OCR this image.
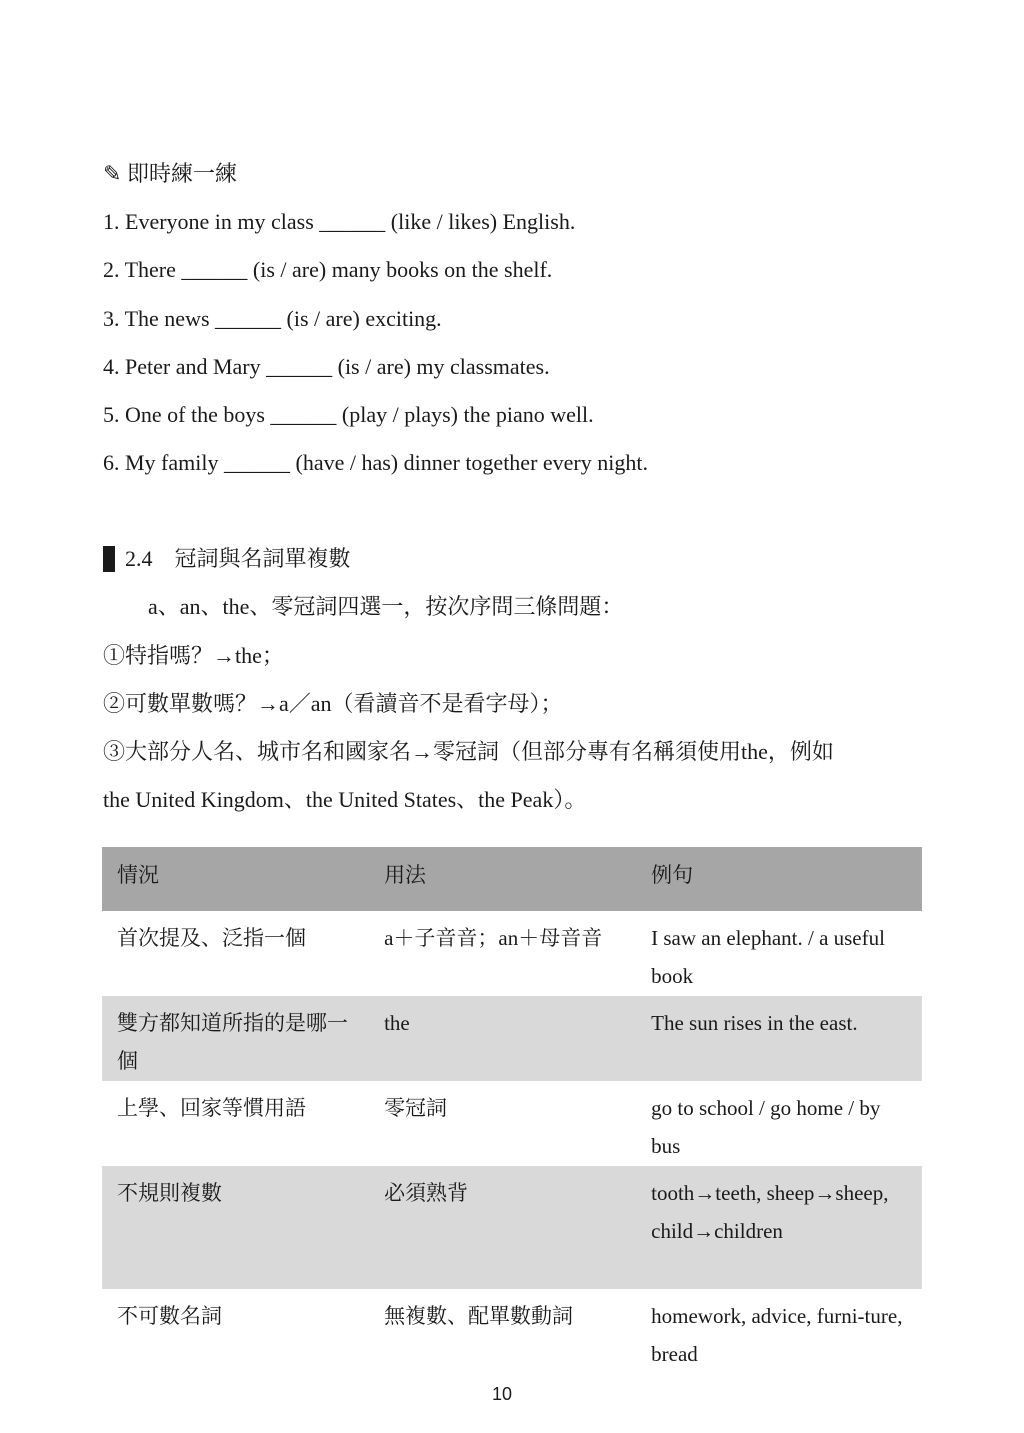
✎ 即時練一練
1. Everyone in my class ______ (like / likes) English.
2. There ______ (is / are) many books on the shelf.
3. The news ______ (is / are) exciting.
4. Peter and Mary ______ (is / are) my classmates.
5. One of the boys ______ (play / plays) the piano well.
6. My family ______ (have / has) dinner together every night.
2.4 冠詞與名詞單複數
a、an、the、零冠詞四選一，按次序問三條問題：
①特指嗎？→the；
②可數單數嗎？→a／an（看讀音不是看字母）；
③大部分人名、城市名和國家名→零冠詞（但部分專有名稱須使用the，例如
the United Kingdom、the United States、the Peak）。
情況	用法	例句
首次提及、泛指一個	a＋子音音；an＋母音音	I saw an elephant. / a useful book
雙方都知道所指的是哪一個	the	The sun rises in the east.
上學、回家等慣用語	零冠詞	go to school / go home / by bus
不規則複數	必須熟背	tooth→teeth, sheep→sheep, child→children
不可數名詞	無複數、配單數動詞	homework, advice, furni-ture, bread
10
